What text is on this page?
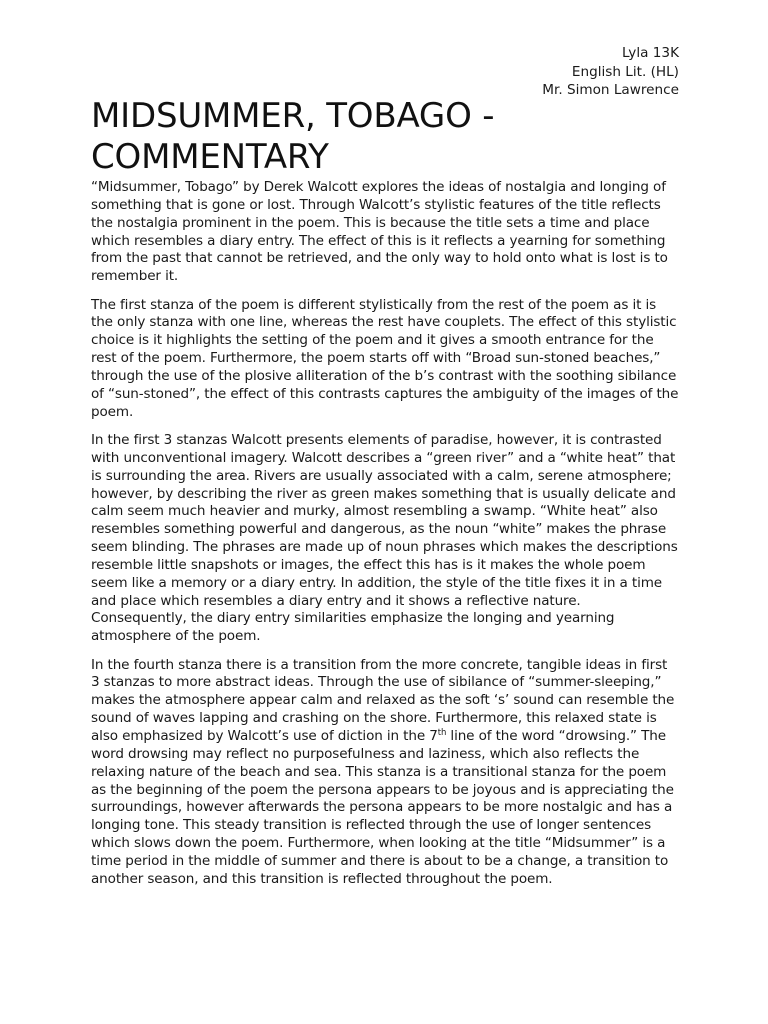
Lyla 13K
English Lit. (HL)
Mr. Simon Lawrence
MIDSUMMER, TOBAGO -
COMMENTARY

“Midsummer, Tobago” by Derek Walcott explores the ideas of nostalgia and longing of something that is gone or lost. Through Walcott’s stylistic features of the title reflects the nostalgia prominent in the poem. This is because the title sets a time and place which resembles a diary entry. The effect of this is it reflects a yearning for something from the past that cannot be retrieved, and the only way to hold onto what is lost is to remember it.

The first stanza of the poem is different stylistically from the rest of the poem as it is the only stanza with one line, whereas the rest have couplets. The effect of this stylistic choice is it highlights the setting of the poem and it gives a smooth entrance for the rest of the poem. Furthermore, the poem starts off with “Broad sun-stoned beaches,” through the use of the plosive alliteration of the b’s contrast with the soothing sibilance of “sun-stoned”, the effect of this contrasts captures the ambiguity of the images of the poem.

In the first 3 stanzas Walcott presents elements of paradise, however, it is contrasted with unconventional imagery. Walcott describes a “green river” and a “white heat” that is surrounding the area. Rivers are usually associated with a calm, serene atmosphere; however, by describing the river as green makes something that is usually delicate and calm seem much heavier and murky, almost resembling a swamp. “White heat” also resembles something powerful and dangerous, as the noun “white” makes the phrase seem blinding. The phrases are made up of noun phrases which makes the descriptions resemble little snapshots or images, the effect this has is it makes the whole poem seem like a memory or a diary entry. In addition, the style of the title fixes it in a time and place which resembles a diary entry and it shows a reflective nature. Consequently, the diary entry similarities emphasize the longing and yearning atmosphere of the poem.

In the fourth stanza there is a transition from the more concrete, tangible ideas in first 3 stanzas to more abstract ideas. Through the use of sibilance of “summer-sleeping,” makes the atmosphere appear calm and relaxed as the soft ‘s’ sound can resemble the sound of waves lapping and crashing on the shore. Furthermore, this relaxed state is also emphasized by Walcott’s use of diction in the 7th line of the word “drowsing.” The word drowsing may reflect no purposefulness and laziness, which also reflects the relaxing nature of the beach and sea. This stanza is a transitional stanza for the poem as the beginning of the poem the persona appears to be joyous and is appreciating the surroundings, however afterwards the persona appears to be more nostalgic and has a longing tone. This steady transition is reflected through the use of longer sentences which slows down the poem. Furthermore, when looking at the title “Midsummer” is a time period in the middle of summer and there is about to be a change, a transition to another season, and this transition is reflected throughout the poem.
